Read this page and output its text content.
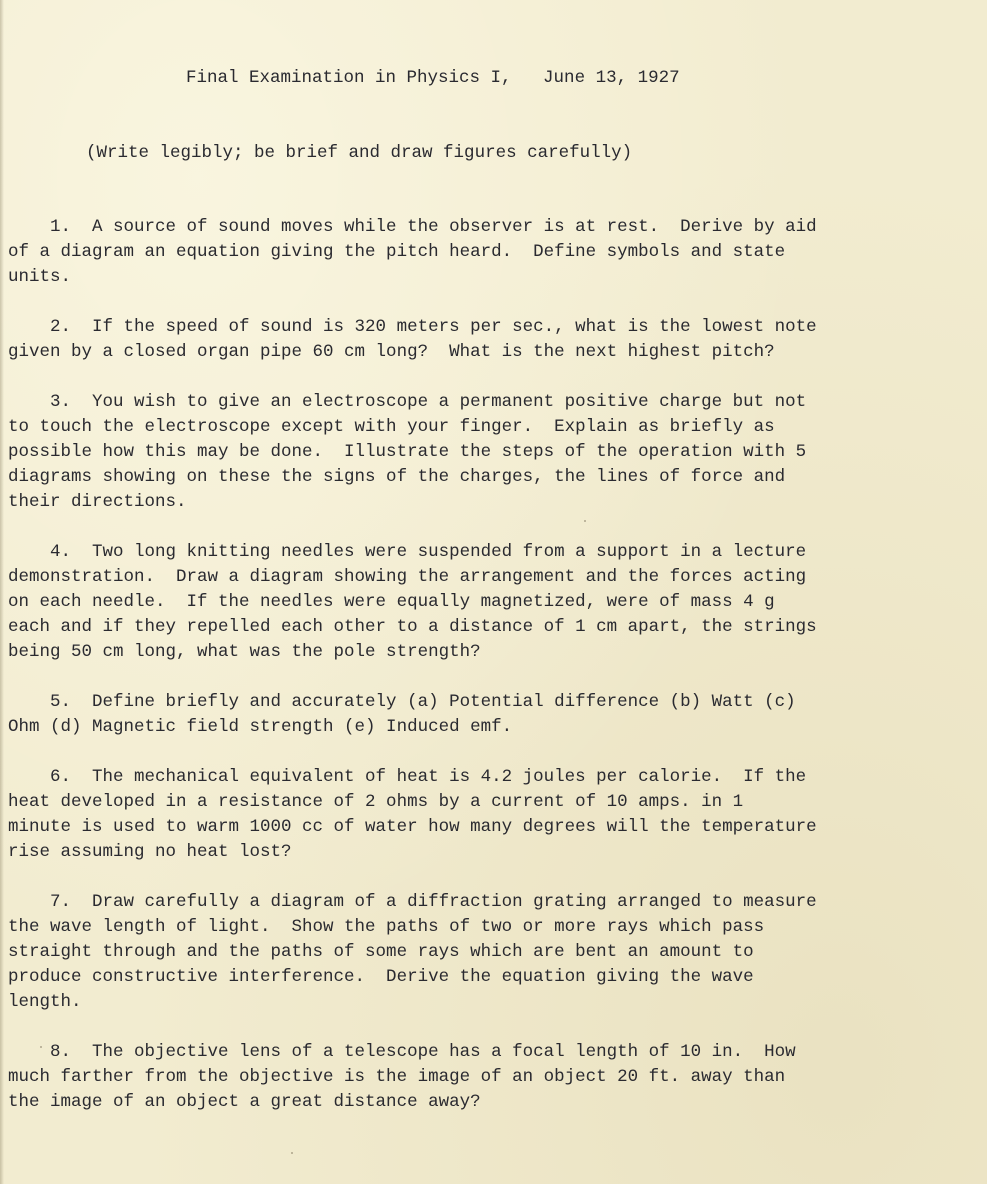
Final Examination in Physics I,   June 13, 1927

(Write legibly; be brief and draw figures carefully)

1.  A source of sound moves while the observer is at rest.  Derive by aid

of a diagram an equation giving the pitch heard.  Define symbols and state

units.

2.  If the speed of sound is 320 meters per sec., what is the lowest note

given by a closed organ pipe 60 cm long?  What is the next highest pitch?

3.  You wish to give an electroscope a permanent positive charge but not

to touch the electroscope except with your finger.  Explain as briefly as

possible how this may be done.  Illustrate the steps of the operation with 5

diagrams showing on these the signs of the charges, the lines of force and

their directions.

4.  Two long knitting needles were suspended from a support in a lecture

demonstration.  Draw a diagram showing the arrangement and the forces acting

on each needle.  If the needles were equally magnetized, were of mass 4 g

each and if they repelled each other to a distance of 1 cm apart, the strings

being 50 cm long, what was the pole strength?

5.  Define briefly and accurately (a) Potential difference (b) Watt (c)

Ohm (d) Magnetic field strength (e) Induced emf.

6.  The mechanical equivalent of heat is 4.2 joules per calorie.  If the

heat developed in a resistance of 2 ohms by a current of 10 amps. in 1

minute is used to warm 1000 cc of water how many degrees will the temperature

rise assuming no heat lost?

7.  Draw carefully a diagram of a diffraction grating arranged to measure

the wave length of light.  Show the paths of two or more rays which pass

straight through and the paths of some rays which are bent an amount to

produce constructive interference.  Derive the equation giving the wave

length.

8.  The objective lens of a telescope has a focal length of 10 in.  How

much farther from the objective is the image of an object 20 ft. away than

the image of an object a great distance away?
